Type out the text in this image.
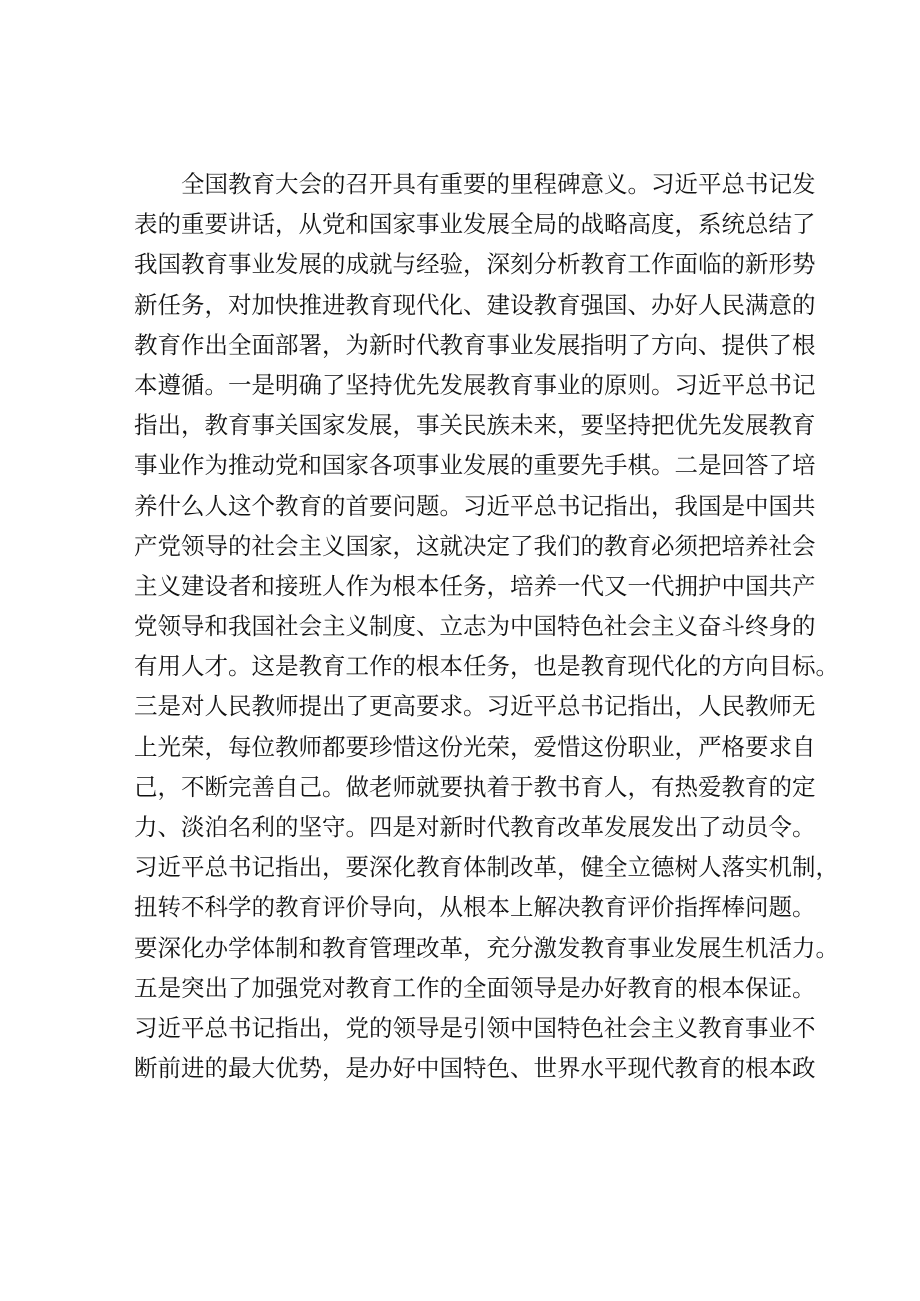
全国教育大会的召开具有重要的里程碑意义。习近平总书记发
表的重要讲话，从党和国家事业发展全局的战略高度，系统总结了
我国教育事业发展的成就与经验，深刻分析教育工作面临的新形势
新任务，对加快推进教育现代化、建设教育强国、办好人民满意的
教育作出全面部署，为新时代教育事业发展指明了方向、提供了根
本遵循。一是明确了坚持优先发展教育事业的原则。习近平总书记
指出，教育事关国家发展，事关民族未来，要坚持把优先发展教育
事业作为推动党和国家各项事业发展的重要先手棋。二是回答了培
养什么人这个教育的首要问题。习近平总书记指出，我国是中国共
产党领导的社会主义国家，这就决定了我们的教育必须把培养社会
主义建设者和接班人作为根本任务，培养一代又一代拥护中国共产
党领导和我国社会主义制度、立志为中国特色社会主义奋斗终身的
有用人才。这是教育工作的根本任务，也是教育现代化的方向目标。
三是对人民教师提出了更高要求。习近平总书记指出，人民教师无
上光荣，每位教师都要珍惜这份光荣，爱惜这份职业，严格要求自
己，不断完善自己。做老师就要执着于教书育人，有热爱教育的定
力、淡泊名利的坚守。四是对新时代教育改革发展发出了动员令。
习近平总书记指出，要深化教育体制改革，健全立德树人落实机制，
扭转不科学的教育评价导向，从根本上解决教育评价指挥棒问题。
要深化办学体制和教育管理改革，充分激发教育事业发展生机活力。
五是突出了加强党对教育工作的全面领导是办好教育的根本保证。
习近平总书记指出，党的领导是引领中国特色社会主义教育事业不
断前进的最大优势，是办好中国特色、世界水平现代教育的根本政
